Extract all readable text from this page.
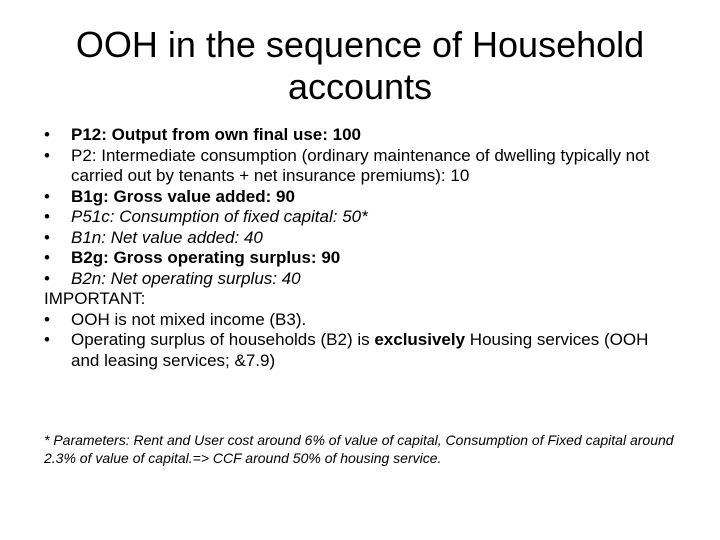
OOH in the sequence of Household accounts
•	P12: Output from own final use: 100
•	P2: Intermediate consumption (ordinary maintenance of dwelling typically not carried out by tenants + net insurance premiums): 10
•	B1g: Gross value added: 90
•	P51c: Consumption of fixed capital: 50*
•	B1n: Net value added: 40
•	B2g: Gross operating surplus: 90
•	B2n: Net operating surplus: 40
IMPORTANT:
•	OOH is not mixed income (B3).
•	Operating surplus of households (B2) is exclusively Housing services (OOH and leasing services; &7.9)
* Parameters: Rent and User cost around 6% of value of capital, Consumption of Fixed capital around 2.3% of value of capital.=> CCF around 50% of housing service.
